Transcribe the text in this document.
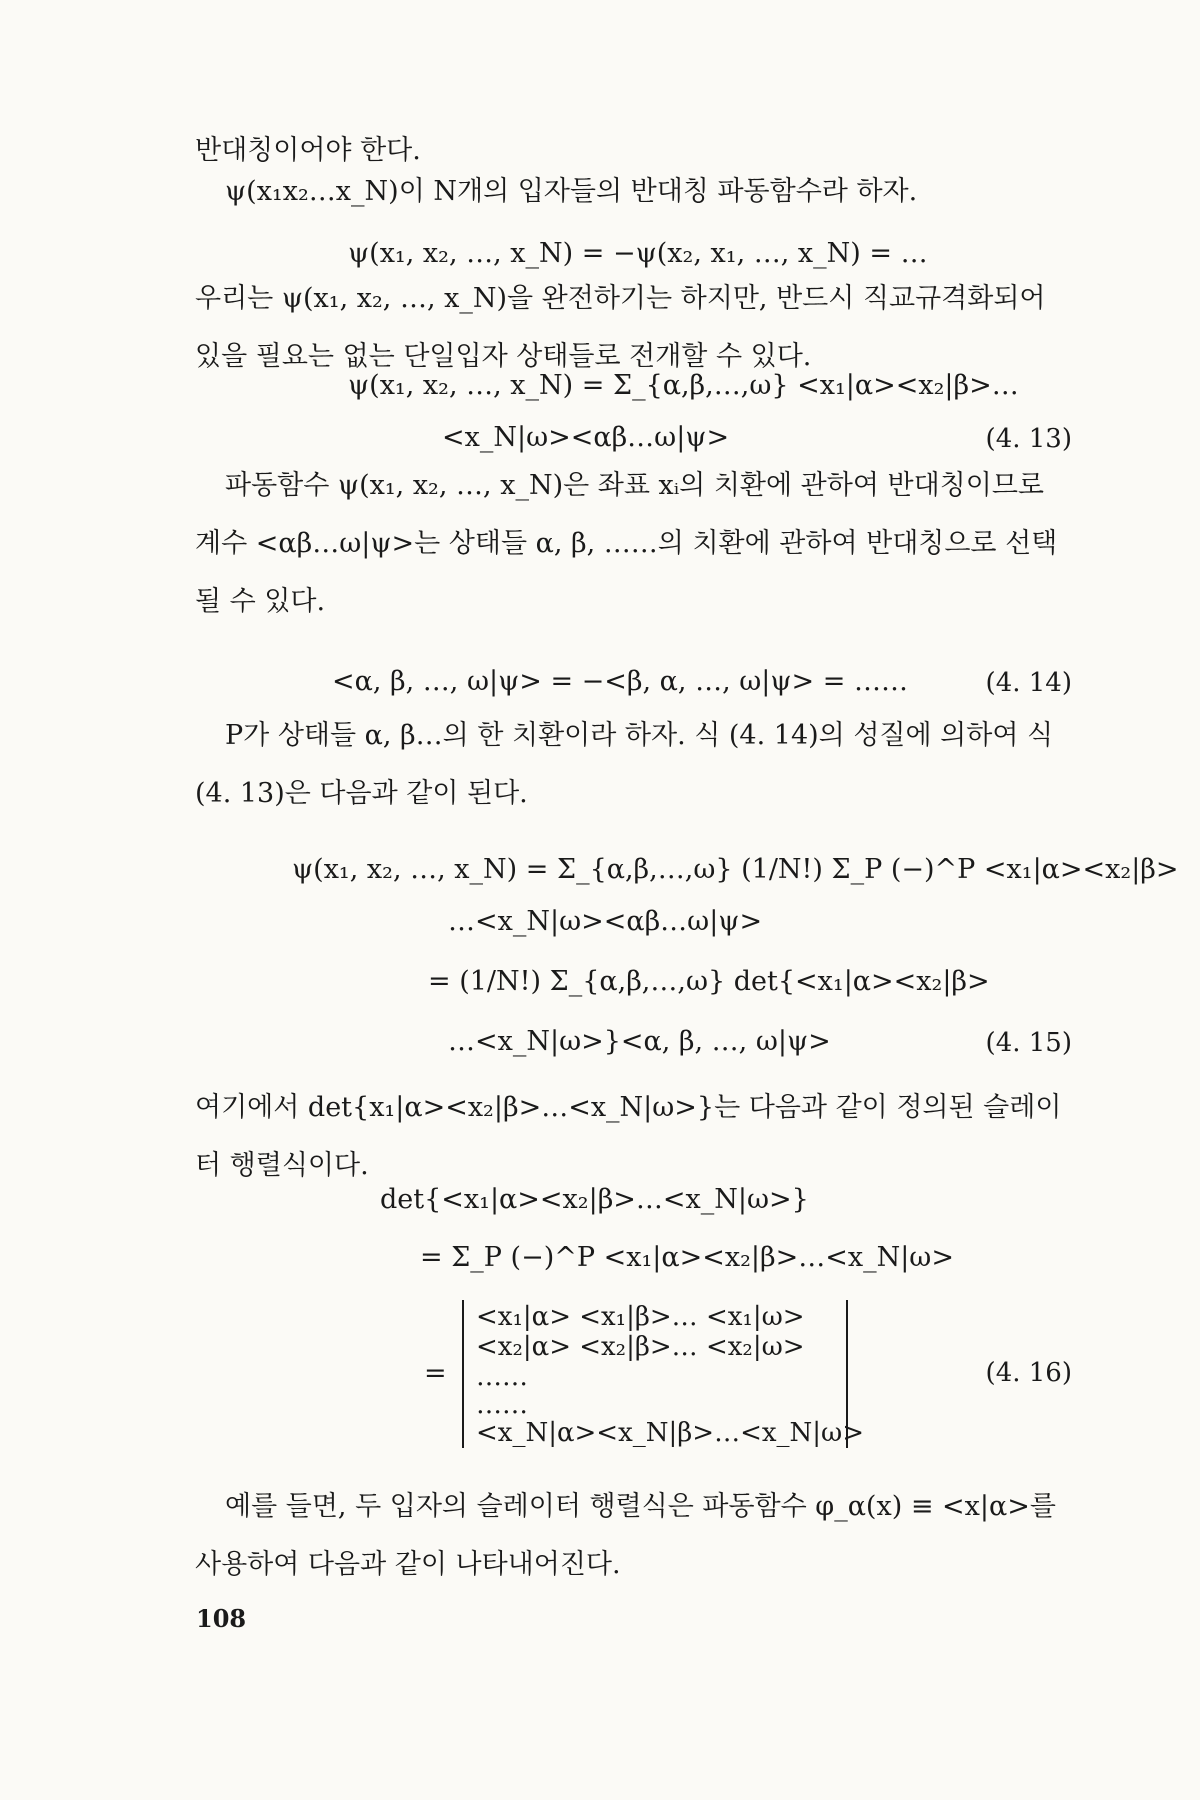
반대칭이어야 한다.
ψ(x₁x₂…x_N)이 N개의 입자들의 반대칭 파동함수라 하자.
ψ(x₁, x₂, …, x_N) = −ψ(x₂, x₁, …, x_N) = …
우리는 ψ(x₁, x₂, …, x_N)을 완전하기는 하지만, 반드시 직교규격화되어 있을 필요는 없는 단일입자 상태들로 전개할 수 있다.
ψ(x₁, x₂, …, x_N) = Σ_{α,β,…,ω} <x₁|α><x₂|β>…
<x_N|ω><αβ…ω|ψ>	(4. 13)
파동함수 ψ(x₁, x₂, …, x_N)은 좌표 xᵢ의 치환에 관하여 반대칭이므로 계수 <αβ…ω|ψ>는 상태들 α, β, ……의 치환에 관하여 반대칭으로 선택될 수 있다.
<α, β, …, ω|ψ> = −<β, α, …, ω|ψ> = ……	(4. 14)
P가 상태들 α, β…의 한 치환이라 하자. 식 (4. 14)의 성질에 의하여 식 (4. 13)은 다음과 같이 된다.
ψ(x₁, x₂, …, x_N) = Σ_{α,β,…,ω} (1/N!) Σ_P (−)^P <x₁|α><x₂|β>
…<x_N|ω><αβ…ω|ψ>
= (1/N!) Σ_{α,β,…,ω} det{<x₁|α><x₂|β>
…<x_N|ω>}<α, β, …, ω|ψ>	(4. 15)
여기에서 det{x₁|α><x₂|β>…<x_N|ω>}는 다음과 같이 정의된 슬레이터 행렬식이다.
det{<x₁|α><x₂|β>…<x_N|ω>}
= Σ_P (−)^P <x₁|α><x₂|β>…<x_N|ω>
=
<x₁|α> <x₁|β>… <x₁|ω>
<x₂|α> <x₂|β>… <x₂|ω>
……
……
<x_N|α><x_N|β>…<x_N|ω>
(4. 16)
예를 들면, 두 입자의 슬레이터 행렬식은 파동함수 φ_α(x) ≡ <x|α>를 사용하여 다음과 같이 나타내어진다.
108
